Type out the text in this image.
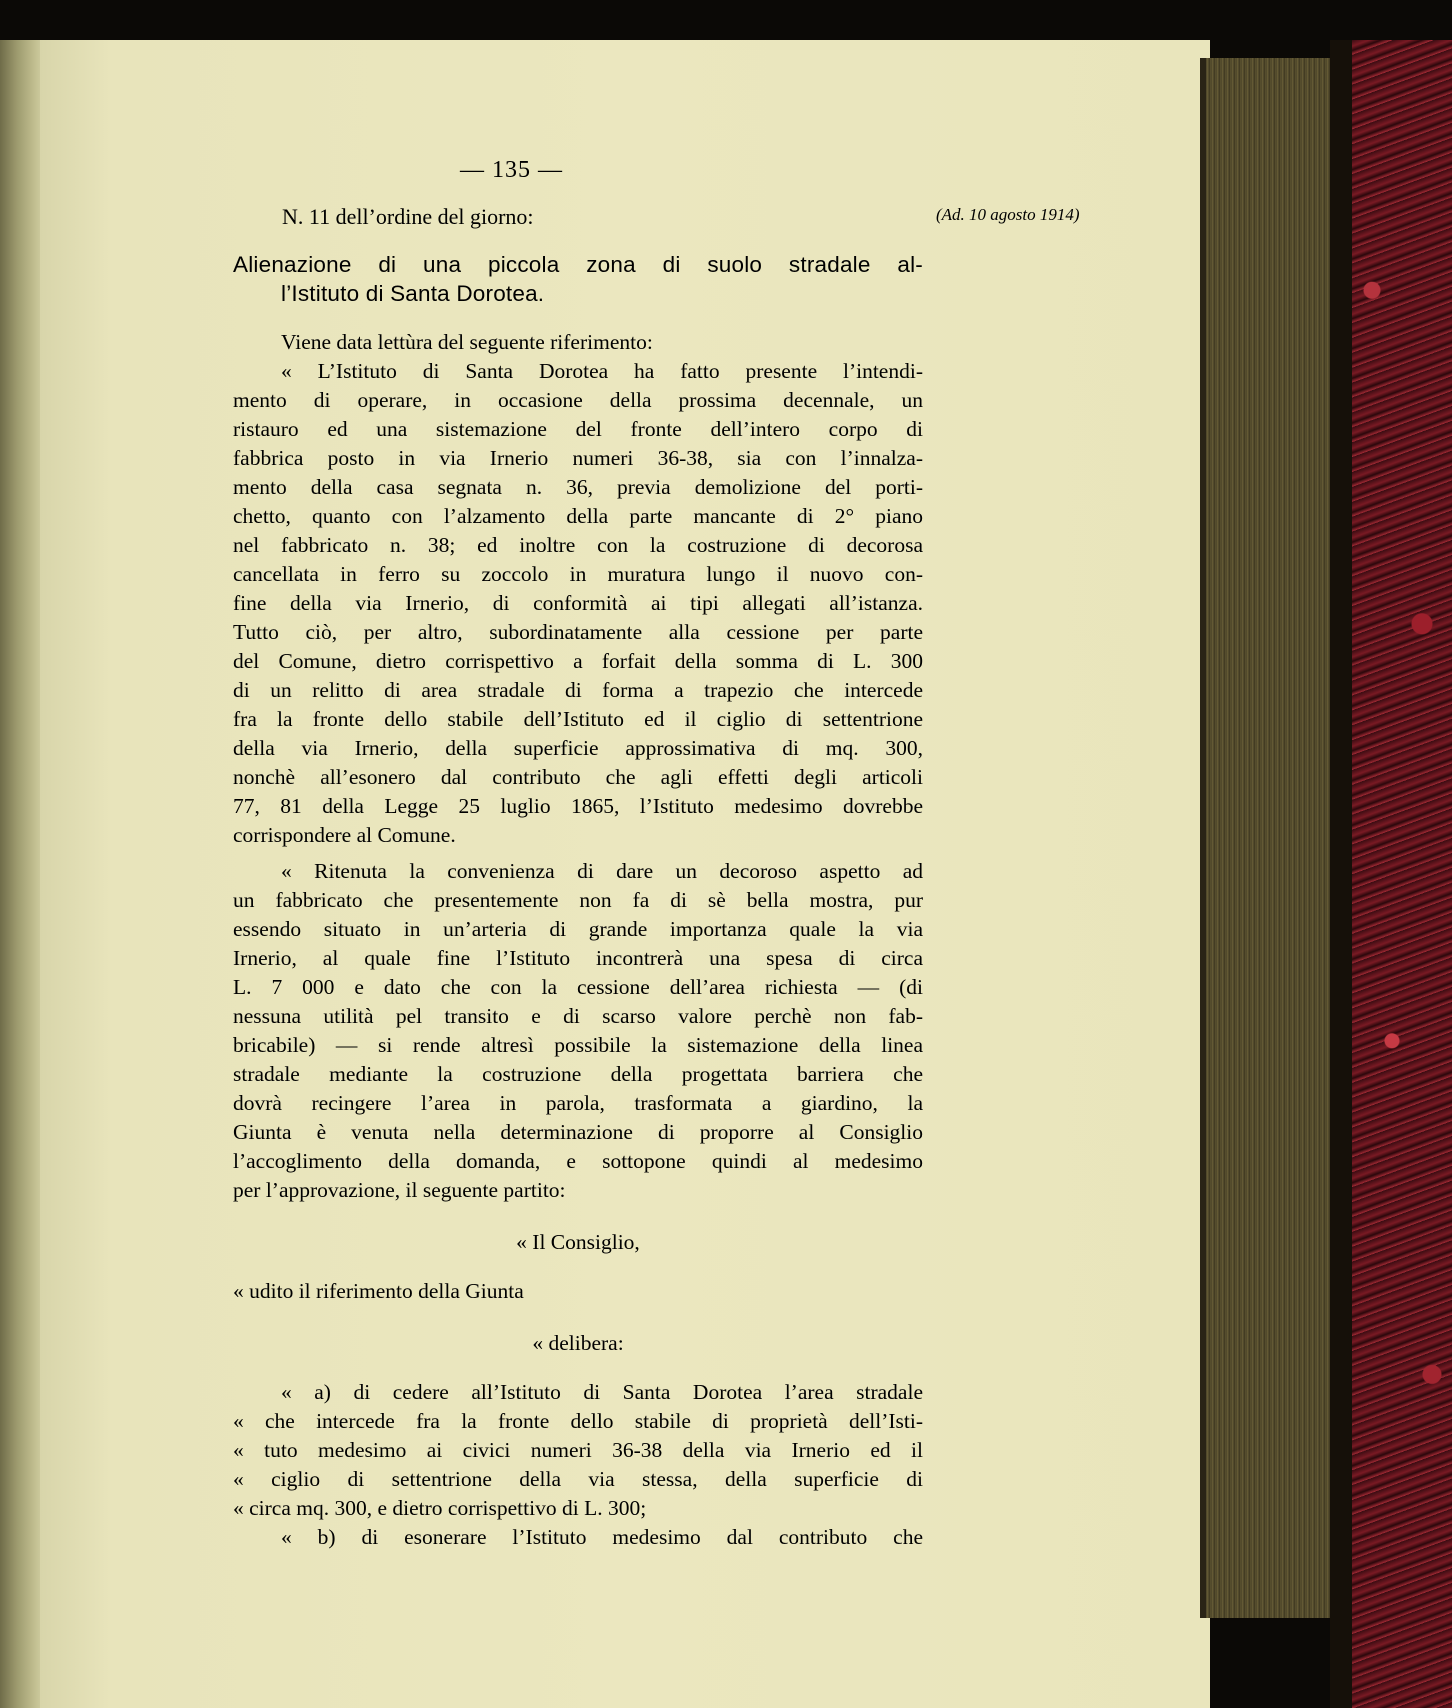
— 135 —
N. 11 dell’ordine del giorno:	(Ad. 10 agosto 1914)
Alienazione di una piccola zona di suolo stradale al-
l’Istituto di Santa Dorotea.
Viene data lettùra del seguente riferimento:
« L’Istituto di Santa Dorotea ha fatto presente l’intendi-
mento di operare, in occasione della prossima decennale, un
ristauro ed una sistemazione del fronte dell’intero corpo di
fabbrica posto in via Irnerio numeri 36-38, sia con l’innalza-
mento della casa segnata n. 36, previa demolizione del porti-
chetto, quanto con l’alzamento della parte mancante di 2° piano
nel fabbricato n. 38; ed inoltre con la costruzione di decorosa
cancellata in ferro su zoccolo in muratura lungo il nuovo con-
fine della via Irnerio, di conformità ai tipi allegati all’istanza.
Tutto ciò, per altro, subordinatamente alla cessione per parte
del Comune, dietro corrispettivo a forfait della somma di L. 300
di un relitto di area stradale di forma a trapezio che intercede
fra la fronte dello stabile dell’Istituto ed il ciglio di settentrione
della via Irnerio, della superficie approssimativa di mq. 300,
nonchè all’esonero dal contributo che agli effetti degli articoli
77, 81 della Legge 25 luglio 1865, l’Istituto medesimo dovrebbe
corrispondere al Comune.
« Ritenuta la convenienza di dare un decoroso aspetto ad
un fabbricato che presentemente non fa di sè bella mostra, pur
essendo situato in un’arteria di grande importanza quale la via
Irnerio, al quale fine l’Istituto incontrerà una spesa di circa
L. 7 000 e dato che con la cessione dell’area richiesta — (di
nessuna utilità pel transito e di scarso valore perchè non fab-
bricabile) — si rende altresì possibile la sistemazione della linea
stradale mediante la costruzione della progettata barriera che
dovrà recingere l’area in parola, trasformata a giardino, la
Giunta è venuta nella determinazione di proporre al Consiglio
l’accoglimento della domanda, e sottopone quindi al medesimo
per l’approvazione, il seguente partito:
« Il Consiglio,
« udito il riferimento della Giunta
« delibera:
« a) di cedere all’Istituto di Santa Dorotea l’area stradale
« che intercede fra la fronte dello stabile di proprietà dell’Isti-
« tuto medesimo ai civici numeri 36-38 della via Irnerio ed il
« ciglio di settentrione della via stessa, della superficie di
« circa mq. 300, e dietro corrispettivo di L. 300;
« b) di esonerare l’Istituto medesimo dal contributo che
